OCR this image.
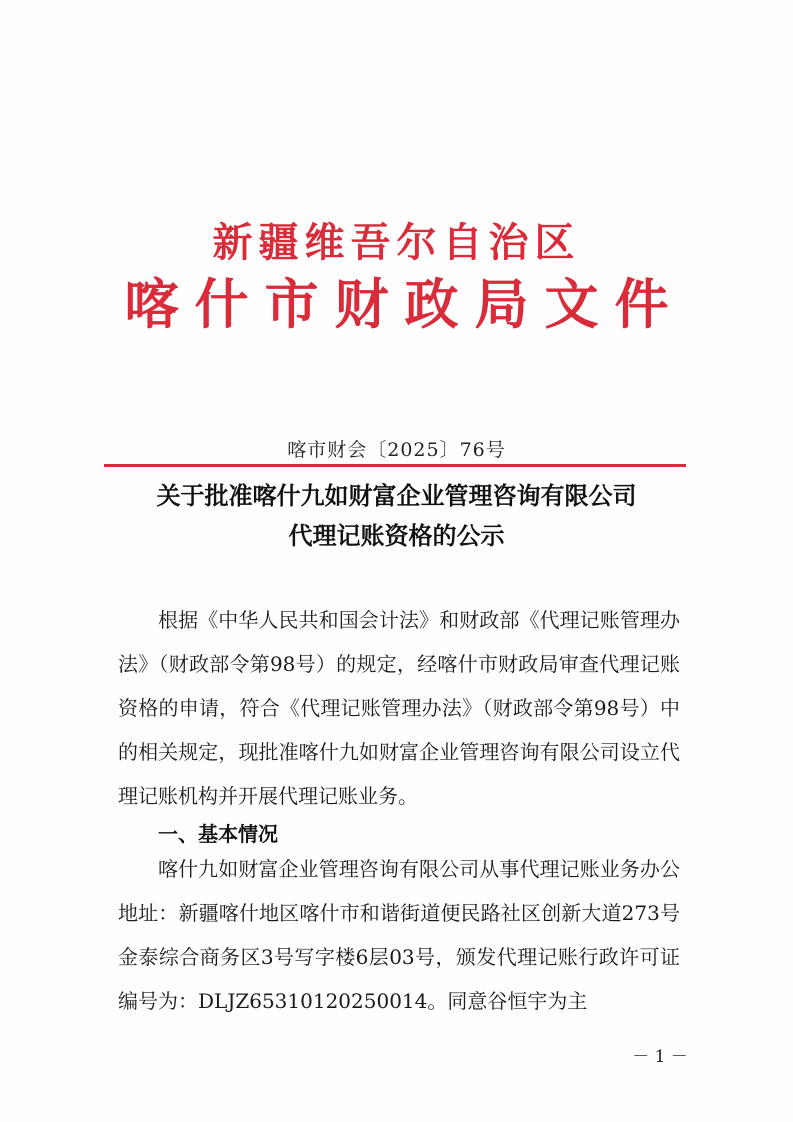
新疆维吾尔自治区
喀什市财政局文件
喀市财会〔2025〕76号
关于批准喀什九如财富企业管理咨询有限公司
代理记账资格的公示
根据《中华人民共和国会计法》和财政部《代理记账管理办法》（财政部令第98号）的规定，经喀什市财政局审查代理记账资格的申请，符合《代理记账管理办法》（财政部令第98号）中的相关规定，现批准喀什九如财富企业管理咨询有限公司设立代理记账机构并开展代理记账业务。
一、基本情况
喀什九如财富企业管理咨询有限公司从事代理记账业务办公地址：新疆喀什地区喀什市和谐街道便民路社区创新大道273号金泰综合商务区3号写字楼6层03号，颁发代理记账行政许可证编号为：DLJZ65310120250014。同意谷恒宇为主
－ 1 －
